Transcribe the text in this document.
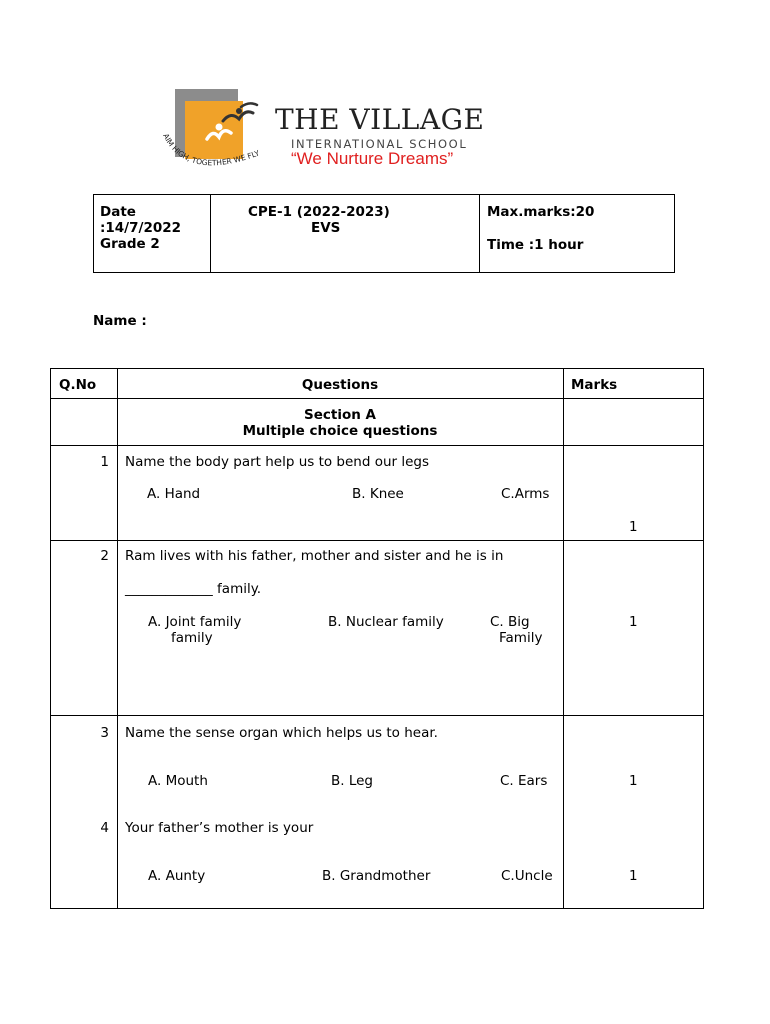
AIM HIGH, TOGETHER WE FLY
THE VILLAGE
INTERNATIONAL SCHOOL
“We Nurture Dreams”
Date
:14/7/2022
Grade 2
CPE-1 (2022-2023)
EVS
Max.marks:20
Time :1 hour
Name :
Q.No	Questions	Marks
Section A
Multiple choice questions
1 Name the body part help us to bend our legs
A. Hand	B. Knee	C.Arms
1
2 Ram lives with his father, mother and sister and he is in
_____________ family.
A. Joint family
family
B. Nuclear family	C. Big
Family
1
3 Name the sense organ which helps us to hear.
A. Mouth	B. Leg	C. Ears	1
4 Your father’s mother is your
A. Aunty	B. Grandmother	C.Uncle	1
